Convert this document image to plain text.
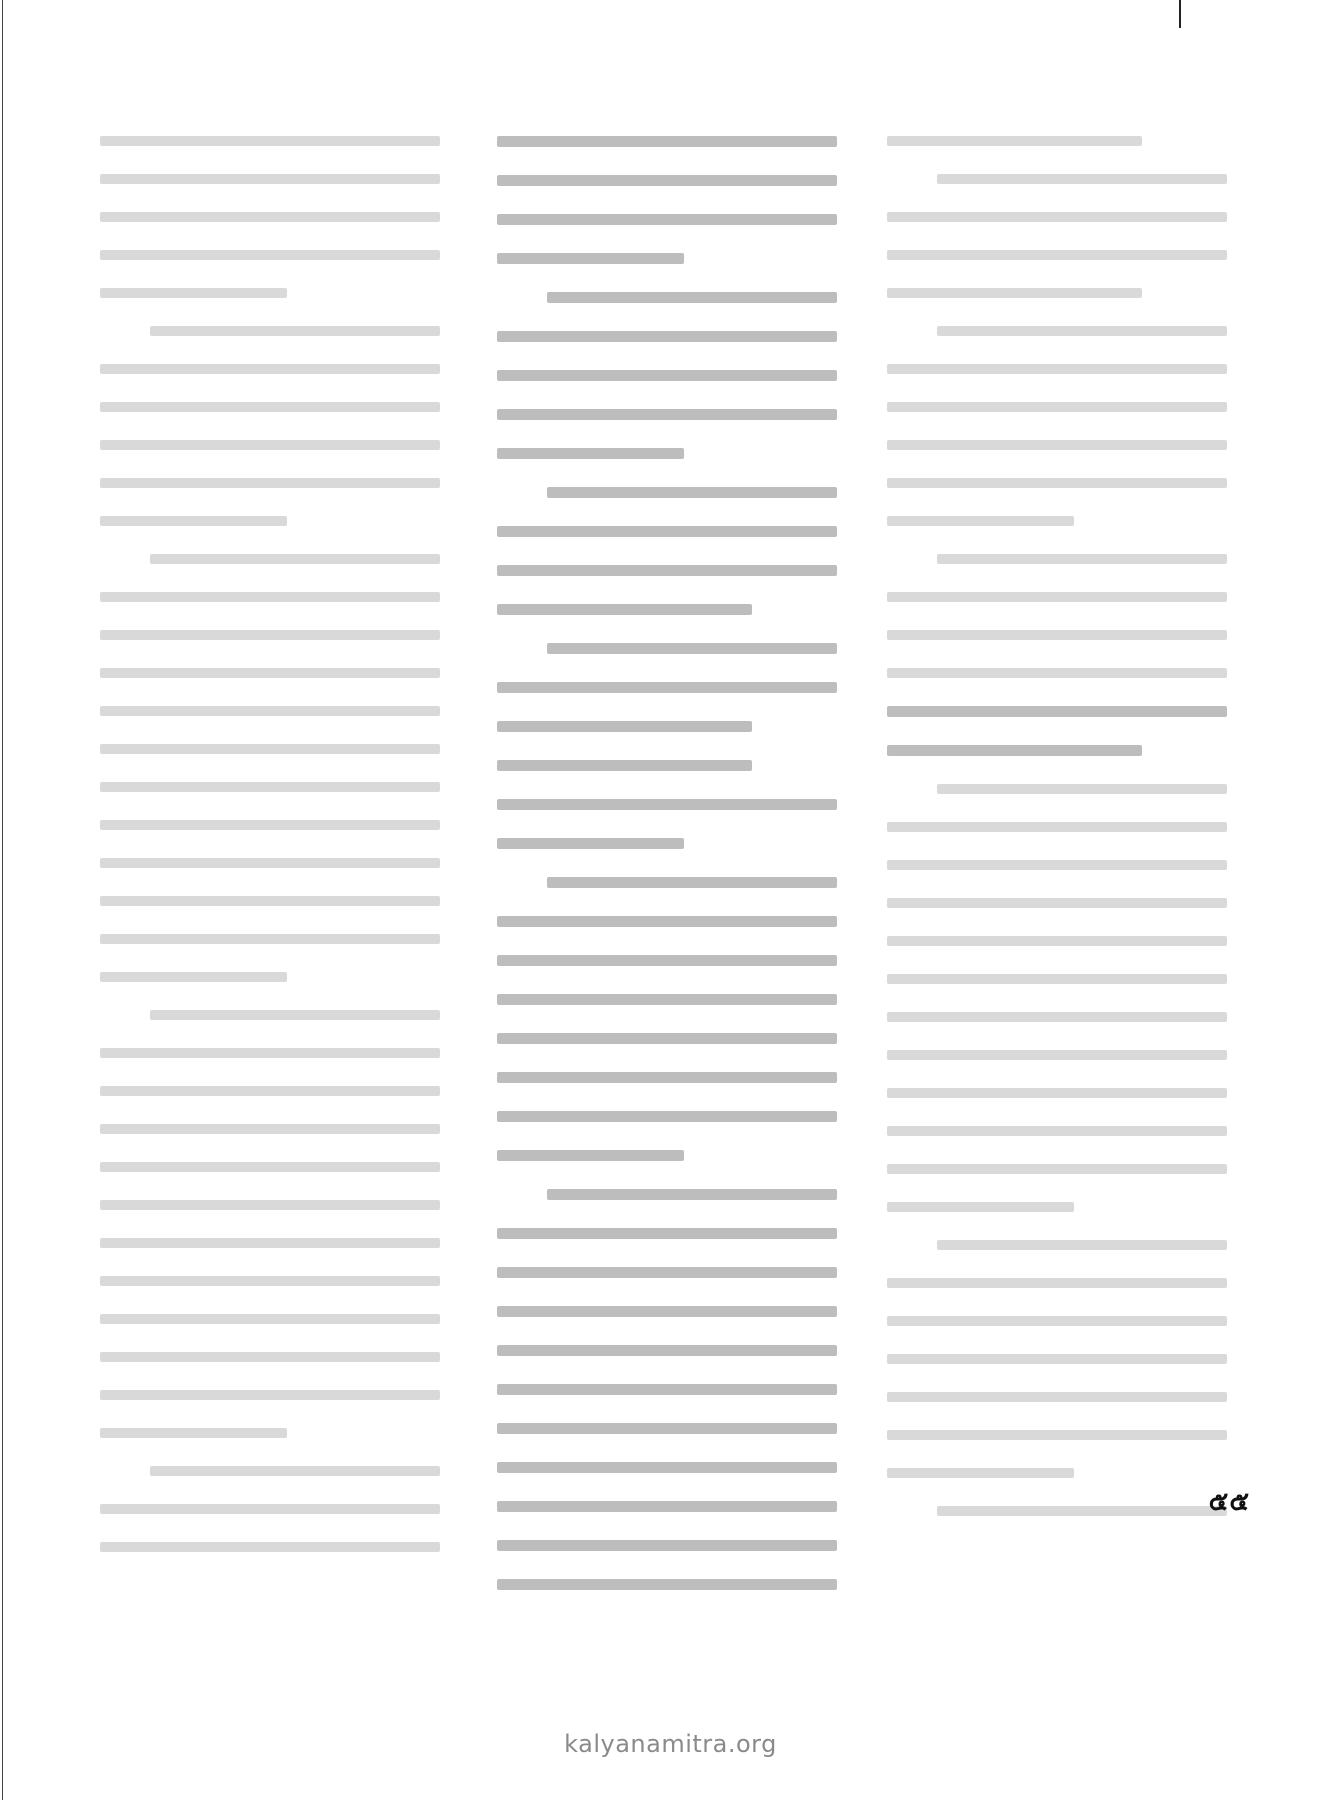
๕๕
kalyanamitra.org
